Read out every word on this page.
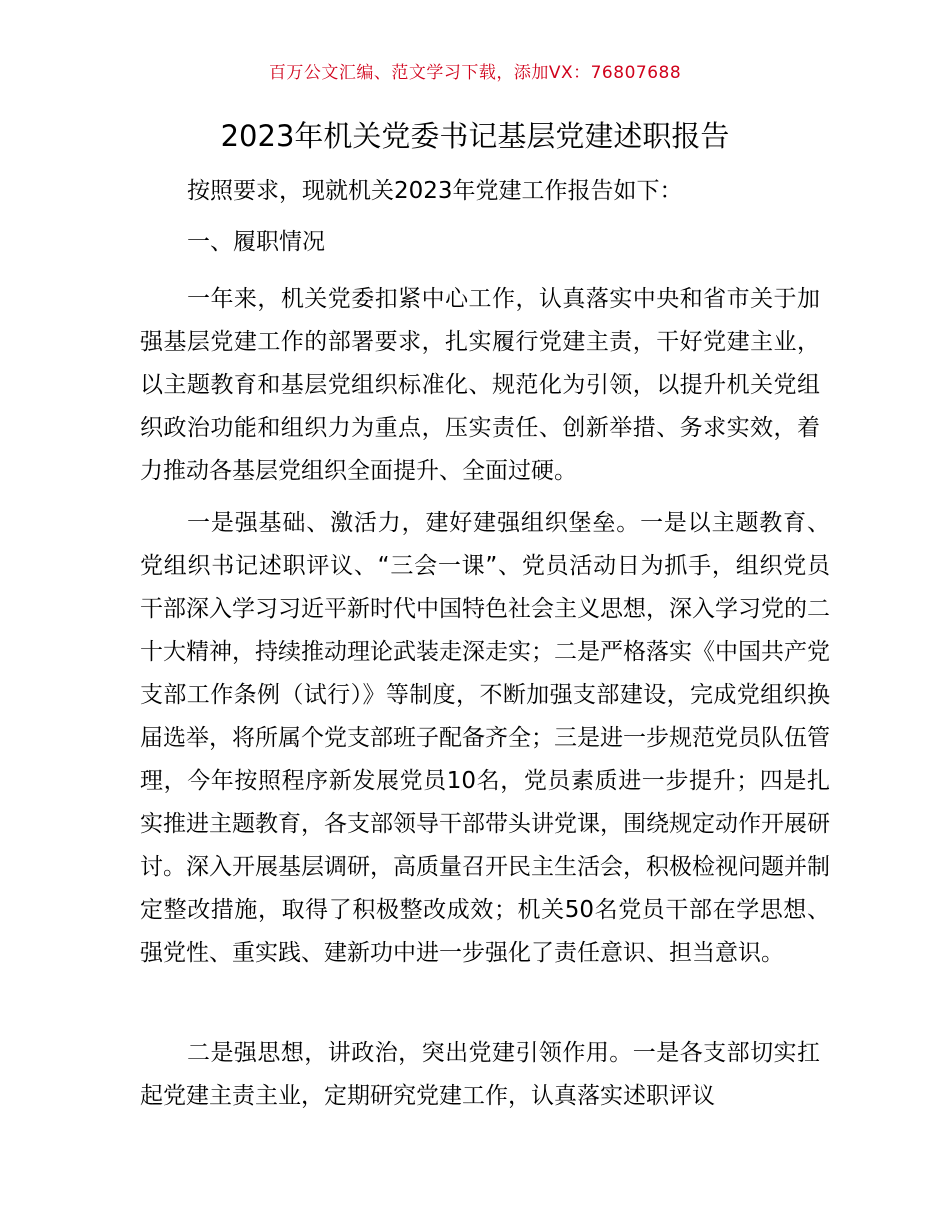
百万公文汇编、范文学习下载，添加VX：76807688
2023年机关党委书记基层党建述职报告

按照要求，现就机关2023年党建工作报告如下：

一、履职情况

一年来，机关党委扣紧中心工作，认真落实中央和省市关于加强基层党建工作的部署要求，扎实履行党建主责，干好党建主业，以主题教育和基层党组织标准化、规范化为引领，以提升机关党组织政治功能和组织力为重点，压实责任、创新举措、务求实效，着力推动各基层党组织全面提升、全面过硬。

一是强基础、激活力，建好建强组织堡垒。一是以主题教育、党组织书记述职评议、“三会一课”、党员活动日为抓手，组织党员干部深入学习习近平新时代中国特色社会主义思想，深入学习党的二十大精神，持续推动理论武装走深走实；二是严格落实《中国共产党支部工作条例（试行）》等制度，不断加强支部建设，完成党组织换届选举，将所属个党支部班子配备齐全；三是进一步规范党员队伍管理，今年按照程序新发展党员10名，党员素质进一步提升；四是扎实推进主题教育，各支部领导干部带头讲党课，围绕规定动作开展研讨。深入开展基层调研，高质量召开民主生活会，积极检视问题并制定整改措施，取得了积极整改成效；机关50名党员干部在学思想、强党性、重实践、建新功中进一步强化了责任意识、担当意识。

二是强思想，讲政治，突出党建引领作用。一是各支部切实扛起党建主责主业，定期研究党建工作，认真落实述职评议
